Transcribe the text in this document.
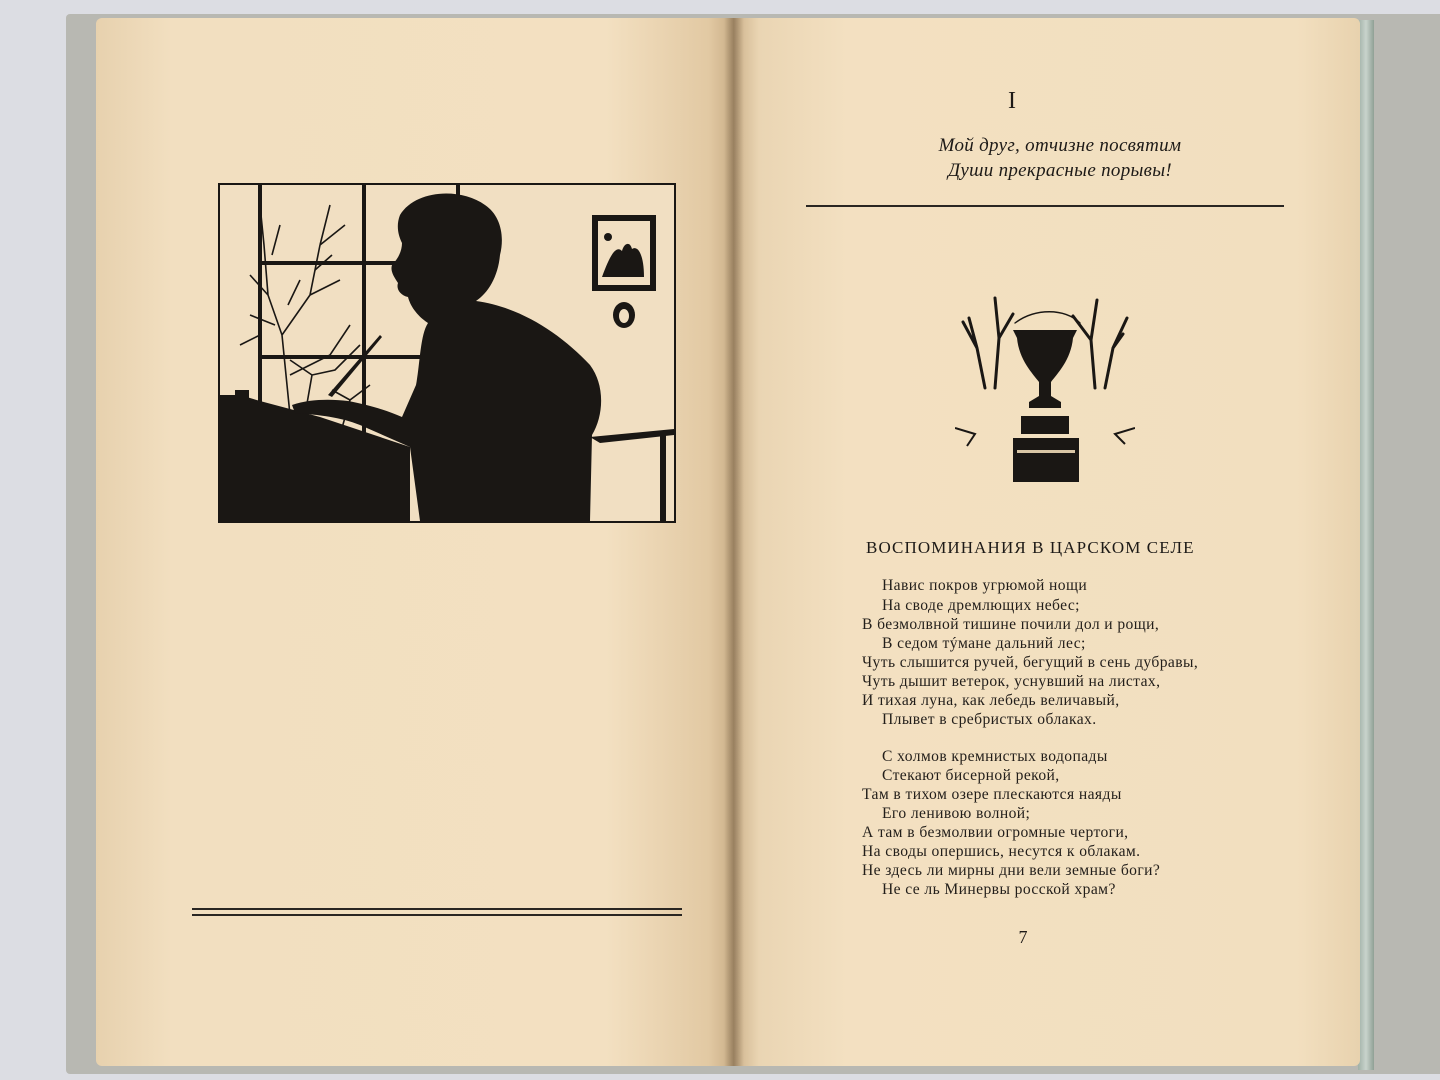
I
Мой друг, отчизне посвятим
Души прекрасные порывы!
ВОСПОМИНАНИЯ В ЦАРСКОМ СЕЛЕ
Навис покров угрюмой нощи
На своде дремлющих небес;
В безмолвной тишине почили дол и рощи,
В седом тýмане дальний лес;
Чуть слышится ручей, бегущий в сень дубравы,
Чуть дышит ветерок, уснувший на листах,
И тихая луна, как лебедь величавый,
Плывет в сребристых облаках.
С холмов кремнистых водопады
Стекают бисерной рекой,
Там в тихом озере плескаются наяды
Его ленивою волной;
А там в безмолвии огромные чертоги,
На своды опершись, несутся к облакам.
Не здесь ли мирны дни вели земные боги?
Не се ль Минервы росской храм?
7
